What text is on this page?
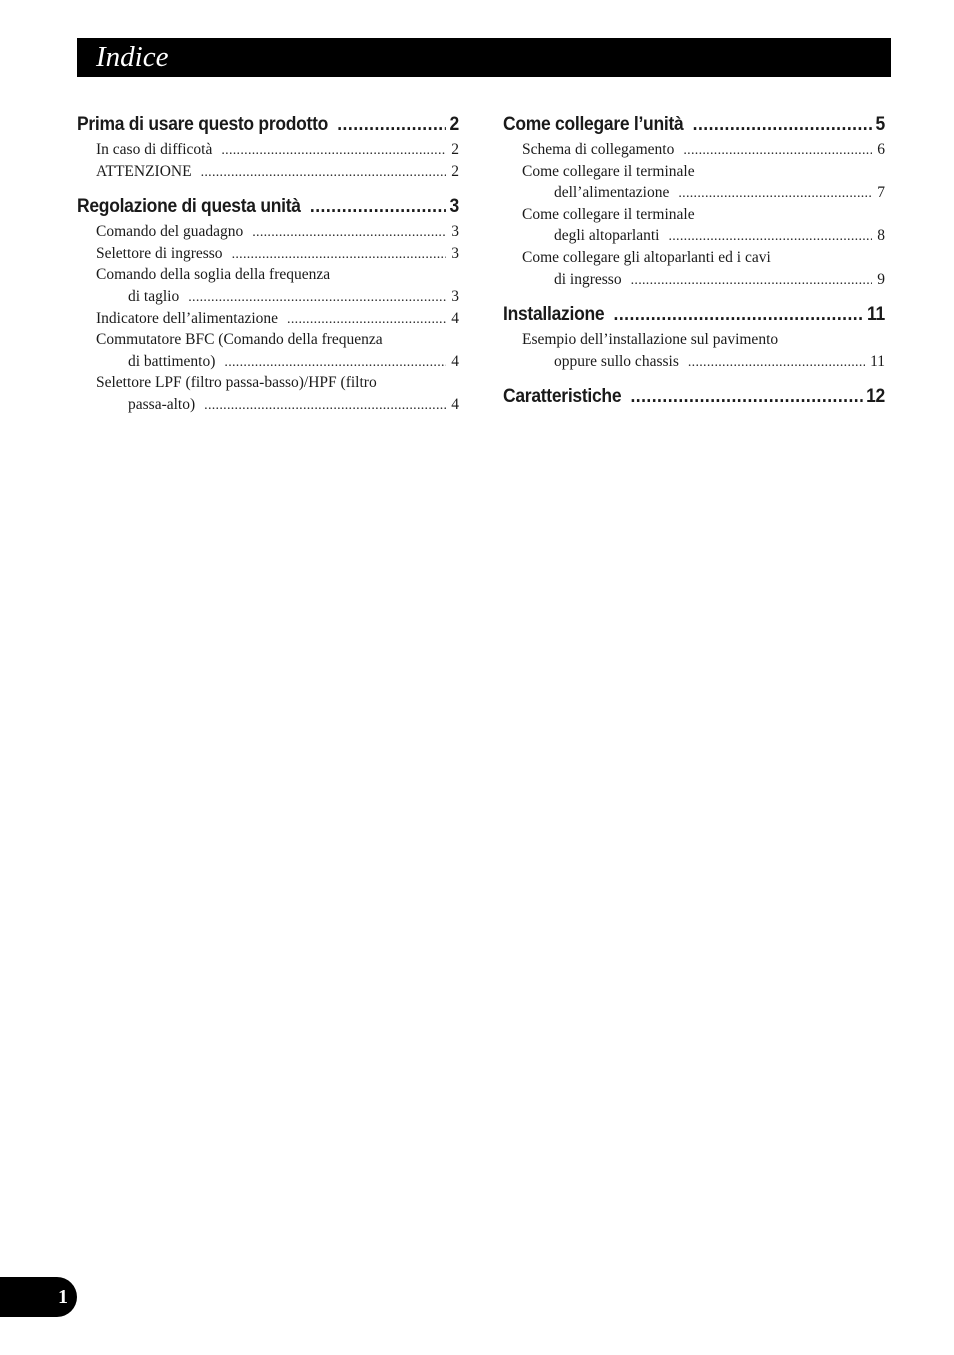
Indice
Prima di usare questo prodotto .....	2
In caso di difficotà .....	2
ATTENZIONE .....	2
Regolazione di questa unità .....	3
Comando del guadagno .....	3
Selettore di ingresso .....	3
Comando della soglia della frequenza
di taglio .....	3
Indicatore dell’alimentazione .....	4
Commutatore BFC (Comando della frequenza
di battimento) .....	4
Selettore LPF (filtro passa-basso)/HPF (filtro
passa-alto) .....	4
Come collegare l’unità .....	5
Schema di collegamento .....	6
Come collegare il terminale
dell’alimentazione .....	7
Come collegare il terminale
degli altoparlanti .....	8
Come collegare gli altoparlanti ed i cavi
di ingresso .....	9
Installazione .....	11
Esempio dell’installazione sul pavimento
oppure sullo chassis .....	11
Caratteristiche .....	12
1
